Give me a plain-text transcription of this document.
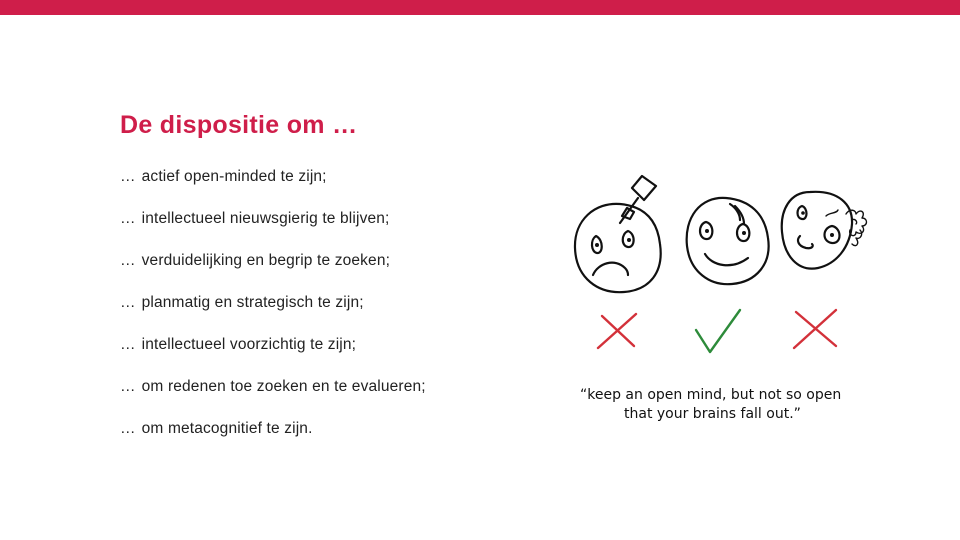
De dispositie om …
… actief open-minded te zijn;
… intellectueel nieuwsgierig te blijven;
… verduidelijking en begrip te zoeken;
… planmatig en strategisch te zijn;
… intellectueel voorzichtig te zijn;
… om redenen toe zoeken en te evalueren;
… om metacognitief te zijn.
“keep an open mind, but not so open
that your brains fall out.”
